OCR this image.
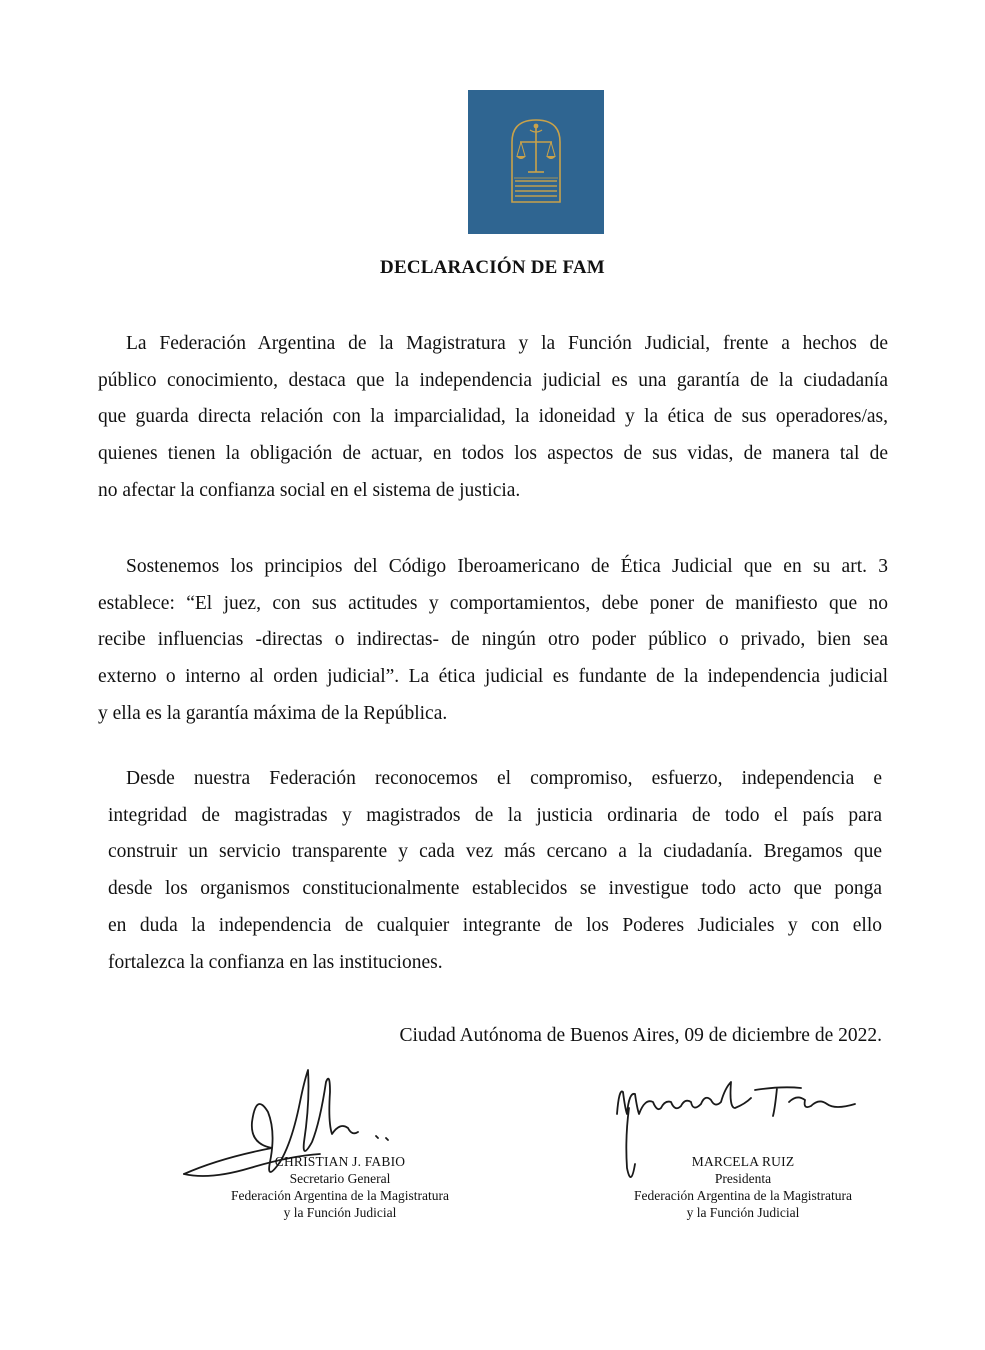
DECLARACIÓN DE FAM
La Federación Argentina de la Magistratura y la Función Judicial, frente a hechos de
público conocimiento, destaca que la independencia judicial es una garantía de la ciudadanía
que guarda directa relación con la imparcialidad, la idoneidad y la ética de sus operadores/as,
quienes tienen la obligación de actuar, en todos los aspectos de sus vidas, de manera tal de
no afectar la confianza social en el sistema de justicia.
Sostenemos los principios del Código Iberoamericano de Ética Judicial que en su art. 3
establece: “El juez, con sus actitudes y comportamientos, debe poner de manifiesto que no
recibe influencias -directas o indirectas- de ningún otro poder público o privado, bien sea
externo o interno al orden judicial”. La ética judicial es fundante de la independencia judicial
y ella es la garantía máxima de la República.
Desde nuestra Federación reconocemos el compromiso, esfuerzo, independencia e
integridad de magistradas y magistrados de la justicia ordinaria de todo el país para
construir un servicio transparente y cada vez más cercano a la ciudadanía. Bregamos que
desde los organismos constitucionalmente establecidos se investigue todo acto que ponga
en duda la independencia de cualquier integrante de los Poderes Judiciales y con ello
fortalezca la confianza en las instituciones.
Ciudad Autónoma de Buenos Aires, 09 de diciembre de 2022.
CHRISTIAN J. FABIO
Secretario General
Federación Argentina de la Magistratura
y la Función Judicial
MARCELA RUIZ
Presidenta
Federación Argentina de la Magistratura
y la Función Judicial
